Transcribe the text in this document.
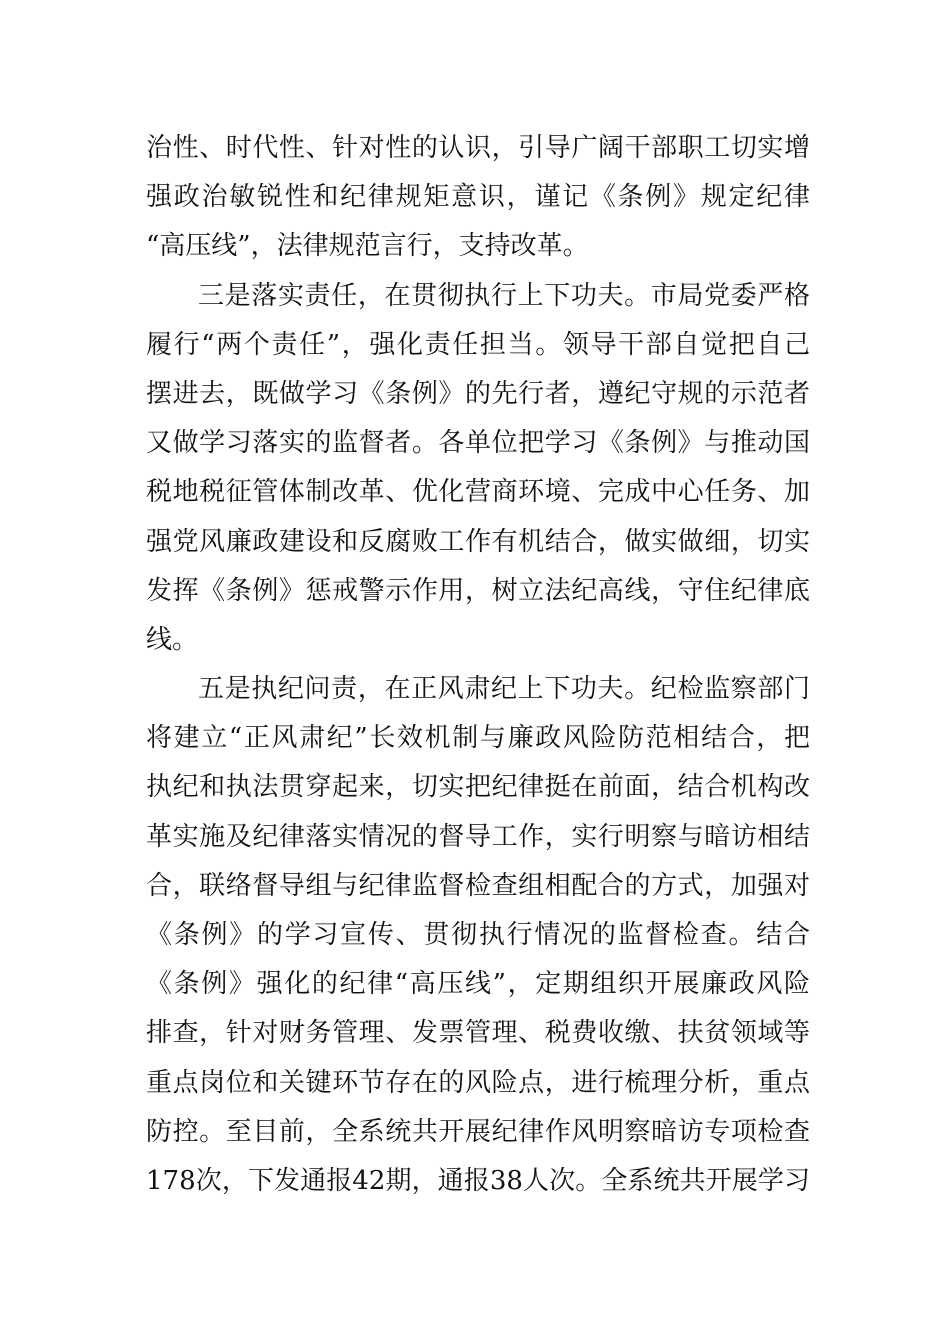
治性、时代性、针对性的认识，引导广阔干部职工切实增
强政治敏锐性和纪律规矩意识，谨记《条例》规定纪律
“高压线”，法律规范言行，支持改革。
三是落实责任，在贯彻执行上下功夫。市局党委严格
履行“两个责任”，强化责任担当。领导干部自觉把自己
摆进去，既做学习《条例》的先行者，遵纪守规的示范者
又做学习落实的监督者。各单位把学习《条例》与推动国
税地税征管体制改革、优化营商环境、完成中心任务、加
强党风廉政建设和反腐败工作有机结合，做实做细，切实
发挥《条例》惩戒警示作用，树立法纪高线，守住纪律底
线。
五是执纪问责，在正风肃纪上下功夫。纪检监察部门
将建立“正风肃纪”长效机制与廉政风险防范相结合，把
执纪和执法贯穿起来，切实把纪律挺在前面，结合机构改
革实施及纪律落实情况的督导工作，实行明察与暗访相结
合，联络督导组与纪律监督检查组相配合的方式，加强对
《条例》的学习宣传、贯彻执行情况的监督检查。结合
《条例》强化的纪律“高压线”，定期组织开展廉政风险
排查，针对财务管理、发票管理、税费收缴、扶贫领域等
重点岗位和关键环节存在的风险点，进行梳理分析，重点
防控。至目前，全系统共开展纪律作风明察暗访专项检查
178次，下发通报42期，通报38人次。全系统共开展学习
